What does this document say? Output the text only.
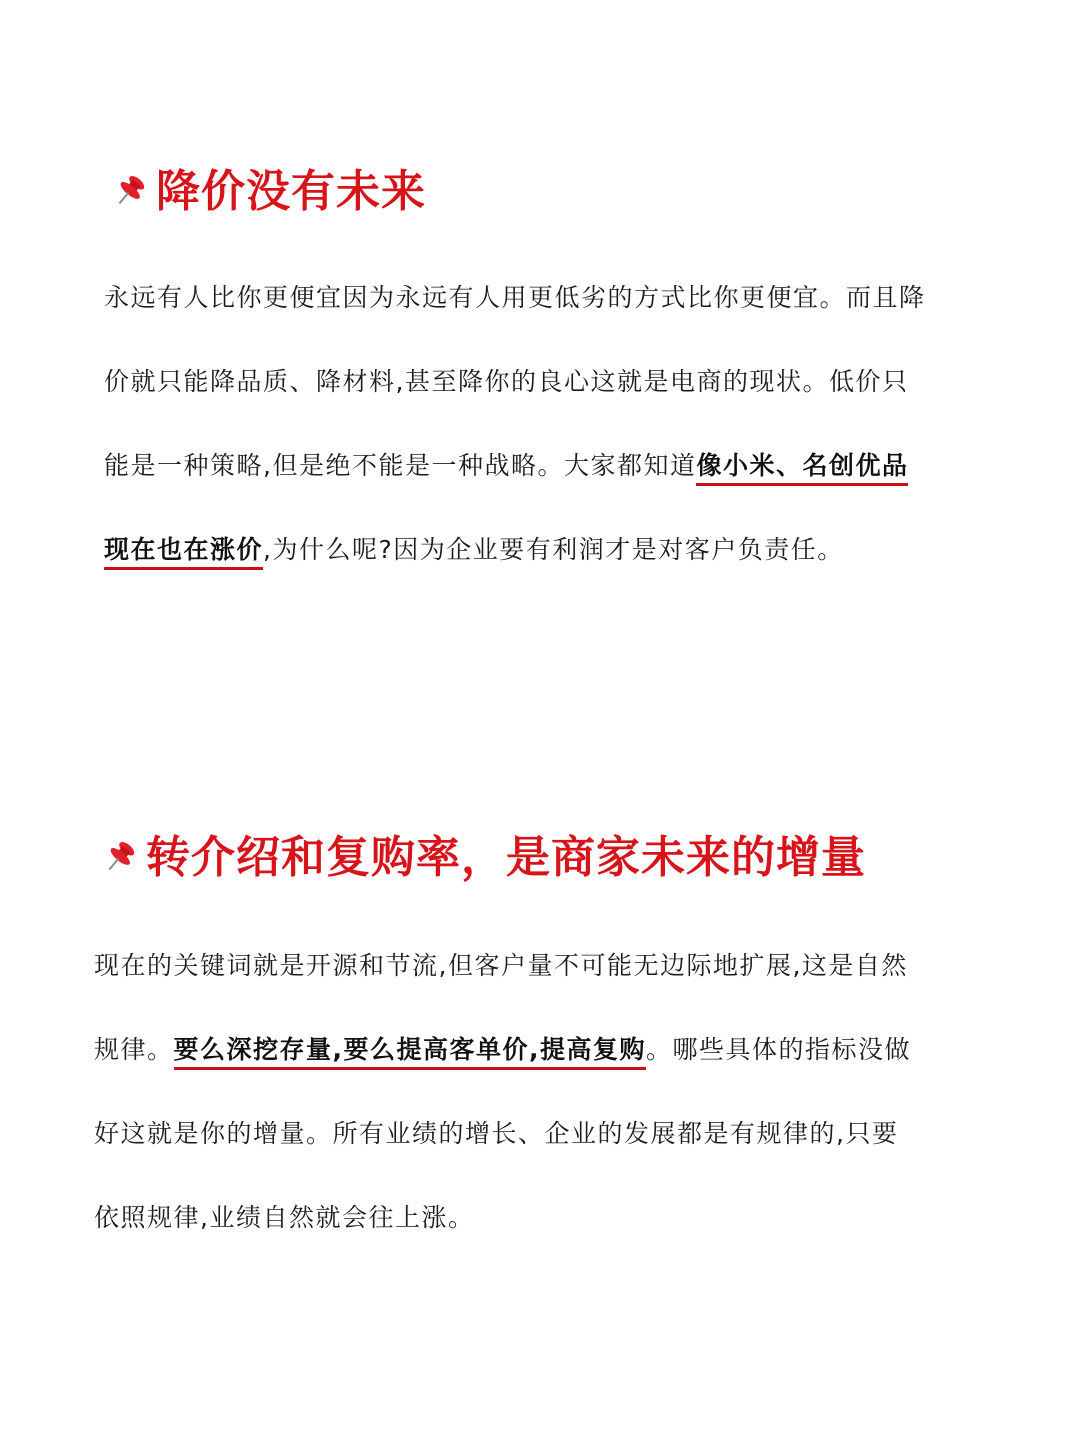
降价没有未来
永远有人比你更便宜因为永远有人用更低劣的方式比你更便宜。而且降
价就只能降品质、降材料,甚至降你的良心这就是电商的现状。低价只
能是一种策略,但是绝不能是一种战略。大家都知道像小米、名创优品
现在也在涨价,为什么呢?因为企业要有利润才是对客户负责任。
转介绍和复购率，是商家未来的增量
现在的关键词就是开源和节流,但客户量不可能无边际地扩展,这是自然
规律。要么深挖存量,要么提高客单价,提高复购。哪些具体的指标没做
好这就是你的增量。所有业绩的增长、企业的发展都是有规律的,只要
依照规律,业绩自然就会往上涨。
